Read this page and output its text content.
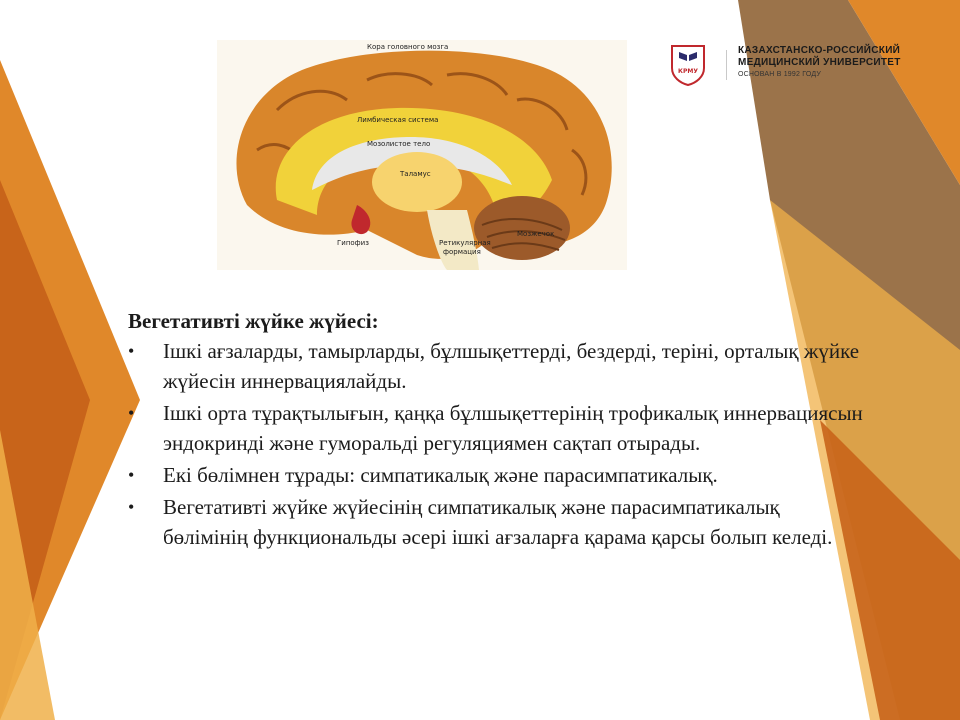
Кора головного мозга
Лимбическая система
Мозолистое тело
Таламус
Гипофиз	Ретикулярная
формация
Мозжечок
КРМУ
КАЗАХСТАНСКО-РОССИЙСКИЙ
МЕДИЦИНСКИЙ УНИВЕРСИТЕТ
ОСНОВАН В 1992 ГОДУ

Вегетативті жүйке жүйесі:

• Ішкі ағзаларды, тамырларды, бұлшықеттерді, бездерді, теріні, орталық жүйке жүйесін иннервациялайды.
• Ішкі орта тұрақтылығын, қаңқа бұлшықеттерінің трофикалық иннервациясын эндокринді және гуморальді регуляциямен сақтап отырады.
• Екі бөлімнен тұрады: симпатикалық және парасимпатикалық.
• Вегетативті жүйке жүйесінің симпатикалық және парасимпатикалық бөлімінің функциональды әсері ішкі ағзаларға қарама қарсы болып келеді.
